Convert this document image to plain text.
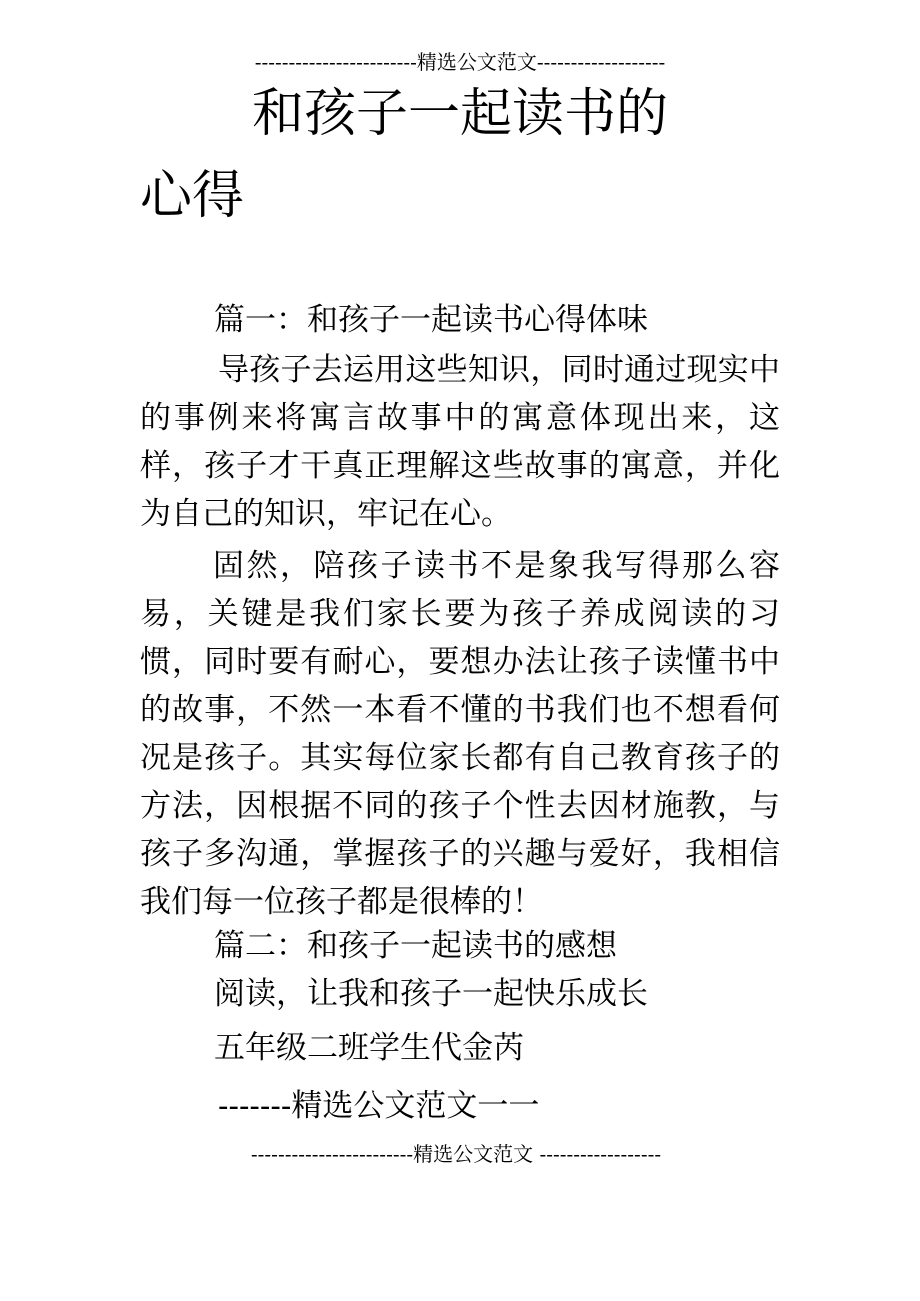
------------------------精选公文范文-------------------
和孩子一起读书的
心得
篇一：和孩子一起读书心得体味
导孩子去运用这些知识，同时通过现实中的事例来将寓言故事中的寓意体现出来，这样，孩子才干真正理解这些故事的寓意，并化为自己的知识，牢记在心。
固然，陪孩子读书不是象我写得那么容易，关键是我们家长要为孩子养成阅读的习惯，同时要有耐心，要想办法让孩子读懂书中的故事，不然一本看不懂的书我们也不想看何况是孩子。其实每位家长都有自己教育孩子的方法，因根据不同的孩子个性去因材施教，与孩子多沟通，掌握孩子的兴趣与爱好，我相信我们每一位孩子都是很棒的！
篇二：和孩子一起读书的感想
阅读，让我和孩子一起快乐成长
五年级二班学生代金芮
-------精选公文范文一一
------------------------精选公文范文 ------------------
